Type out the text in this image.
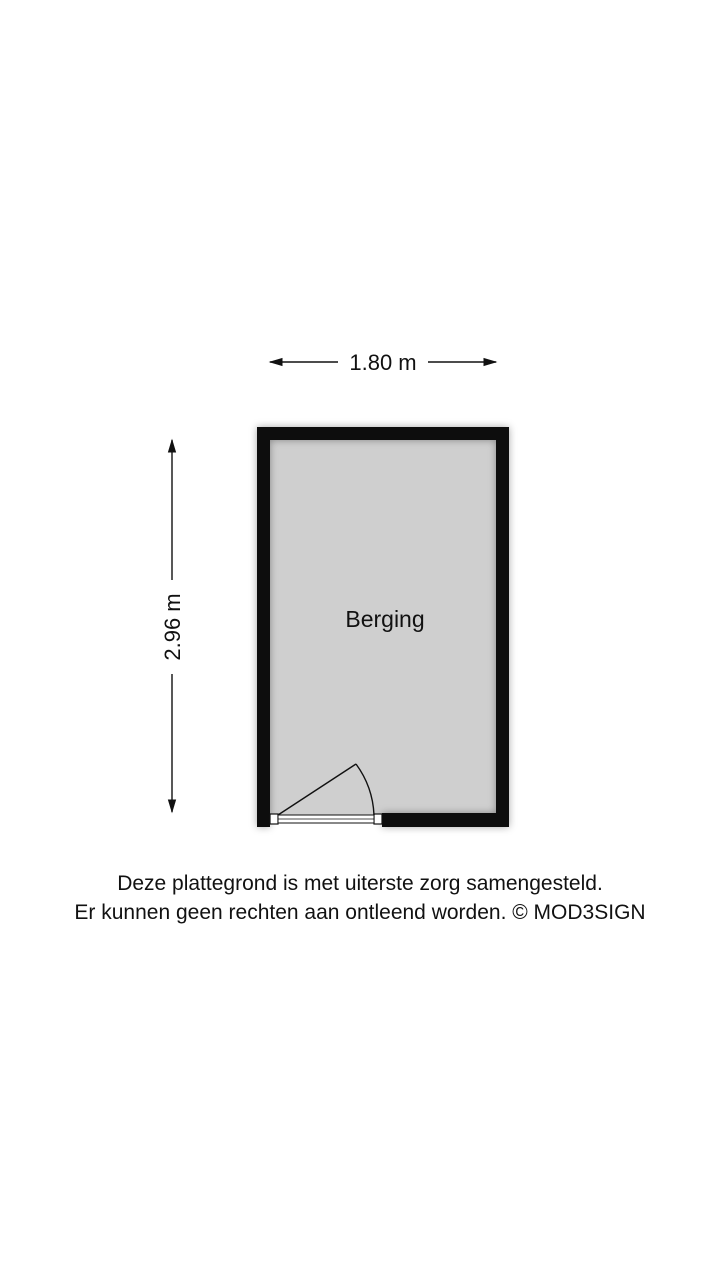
1.80 m
2.96 m	Berging
Deze plattegrond is met uiterste zorg samengesteld.
Er kunnen geen rechten aan ontleend worden. © MOD3SIGN
